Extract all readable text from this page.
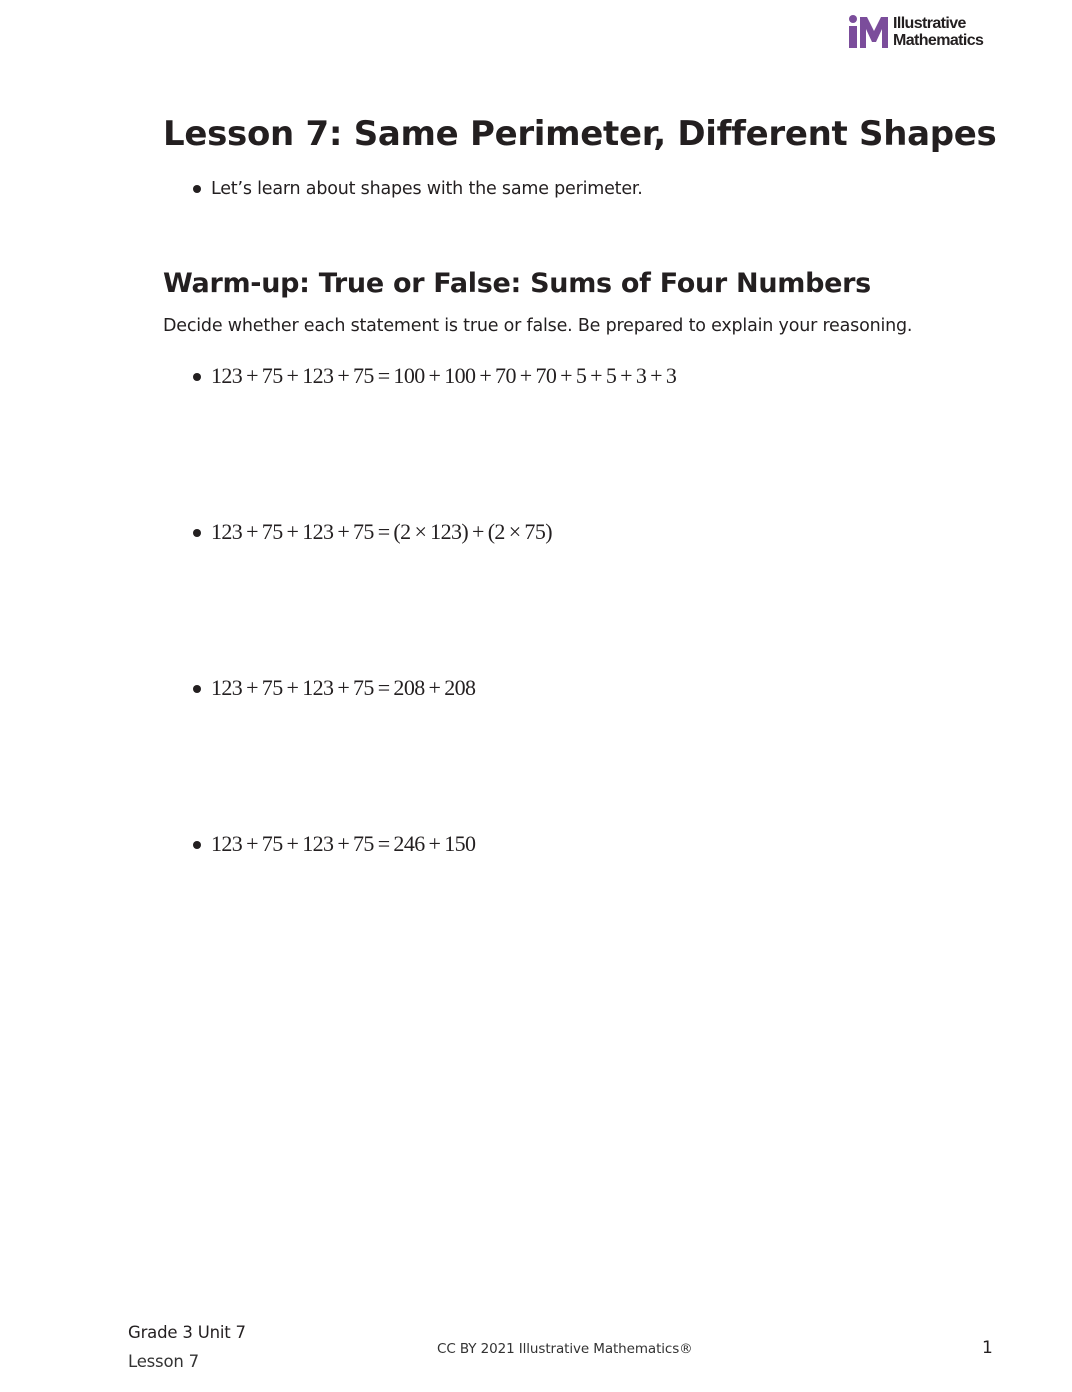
Illustrative
Mathematics
Lesson 7: Same Perimeter, Different Shapes
Let’s learn about shapes with the same perimeter.
Warm-up: True or False: Sums of Four Numbers

Decide whether each statement is true or false. Be prepared to explain your reasoning.

123 + 75 + 123 + 75 = 100 + 100 + 70 + 70 + 5 + 5 + 3 + 3
123 + 75 + 123 + 75 = (2 × 123) + (2 × 75)
123 + 75 + 123 + 75 = 208 + 208
123 + 75 + 123 + 75 = 246 + 150
Grade 3 Unit 7
Lesson 7
CC BY 2021 Illustrative Mathematics®	1
